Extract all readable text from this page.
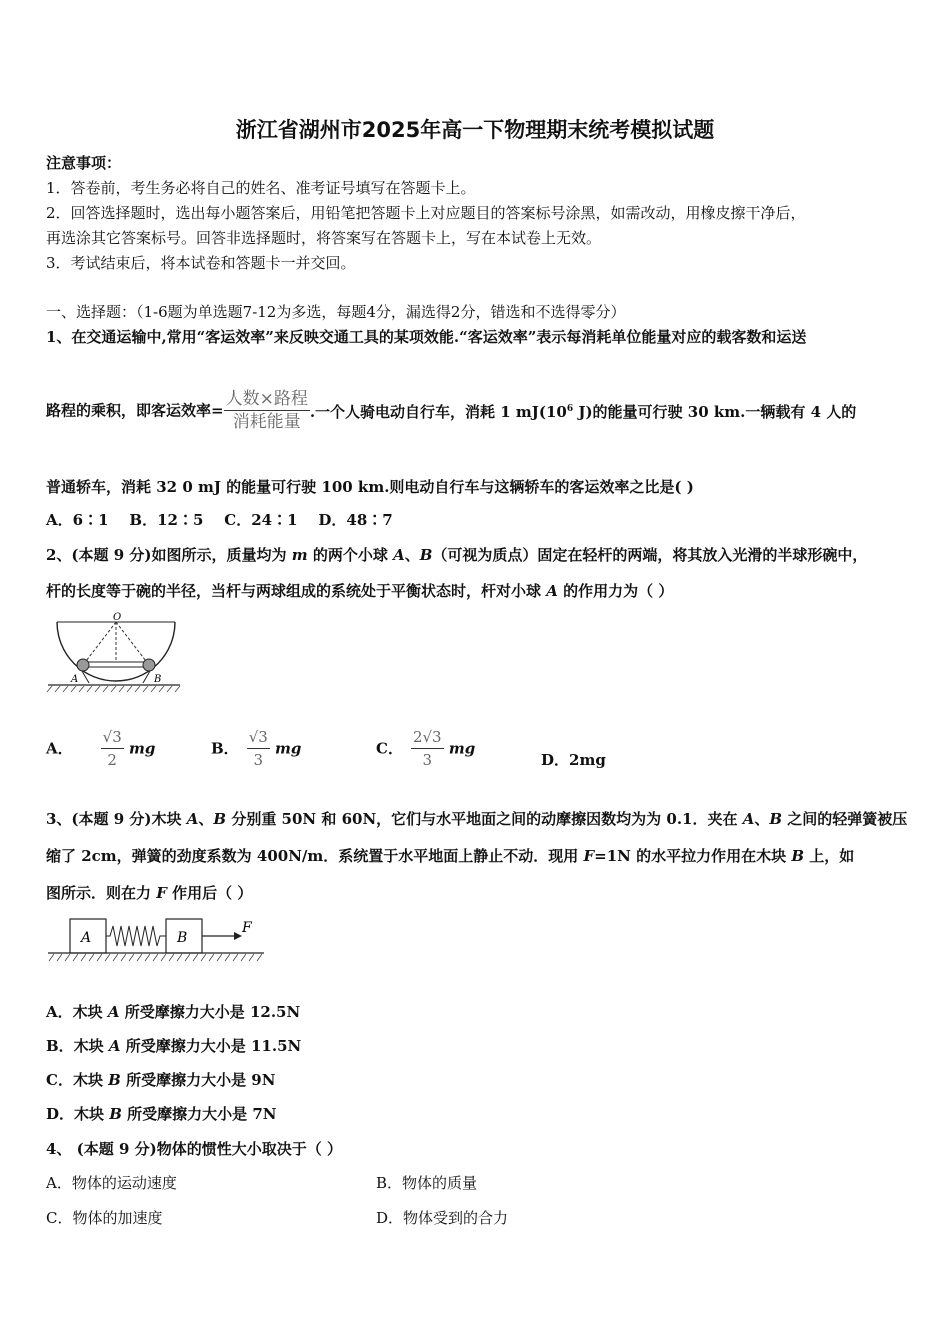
浙江省湖州市2025年高一下物理期末统考模拟试题
注意事项：
1．答卷前，考生务必将自己的姓名、准考证号填写在答题卡上。
2．回答选择题时，选出每小题答案后，用铅笔把答题卡上对应题目的答案标号涂黑，如需改动，用橡皮擦干净后，
再选涂其它答案标号。回答非选择题时，将答案写在答题卡上，写在本试卷上无效。
3．考试结束后，将本试卷和答题卡一并交回。
一、选择题：（1-6题为单选题7-12为多选，每题4分，漏选得2分，错选和不选得零分）
1、在交通运输中,常用“客运效率”来反映交通工具的某项效能.“客运效率”表示每消耗单位能量对应的载客数和运送
路程的乘积，即客运效率= $\frac{\text{人数×路程}}{\text{消耗能量}}$ .一个人骑电动自行车，消耗 1 $mJ(10^6$ J)的能量可行驶 30 km.一辆载有 4 人的
普通轿车，消耗 32 0 mJ 的能量可行驶 100 km.则电动自行车与这辆轿车的客运效率之比是( )
A．6∶1    B．12∶5    C．24∶1    D．48∶7
2、(本题 9 分)如图所示，质量均为 m 的两个小球 A、B（可视为质点）固定在轻杆的两端，将其放入光滑的半球形碗中，
杆的长度等于碗的半径，当杆与两球组成的系统处于平衡状态时，杆对小球 A 的作用力为（ ）
O
A	B
A． $\frac{√3}{2}$ mg	B． $\frac{√3}{3}$ mg	C． $\frac{2√3}{3}$ mg
D．2mg
3、(本题 9 分)木块 A、B 分别重 50N 和 60N，它们与水平地面之间的动摩擦因数均为为 0.1．夹在 A、B 之间的轻弹簧被压
缩了 2cm，弹簧的劲度系数为 400N/m．系统置于水平地面上静止不动．现用 F=1N 的水平拉力作用在木块 B 上，如
图所示．则在力 F 作用后（ ）
A	B
F
A．木块 A 所受摩擦力大小是 12.5N
B．木块 A 所受摩擦力大小是 11.5N
C．木块 B 所受摩擦力大小是 9N
D．木块 B 所受摩擦力大小是 7N
4、 (本题 9 分)物体的惯性大小取决于（ ）
A．物体的运动速度	B．物体的质量
C．物体的加速度	D．物体受到的合力
